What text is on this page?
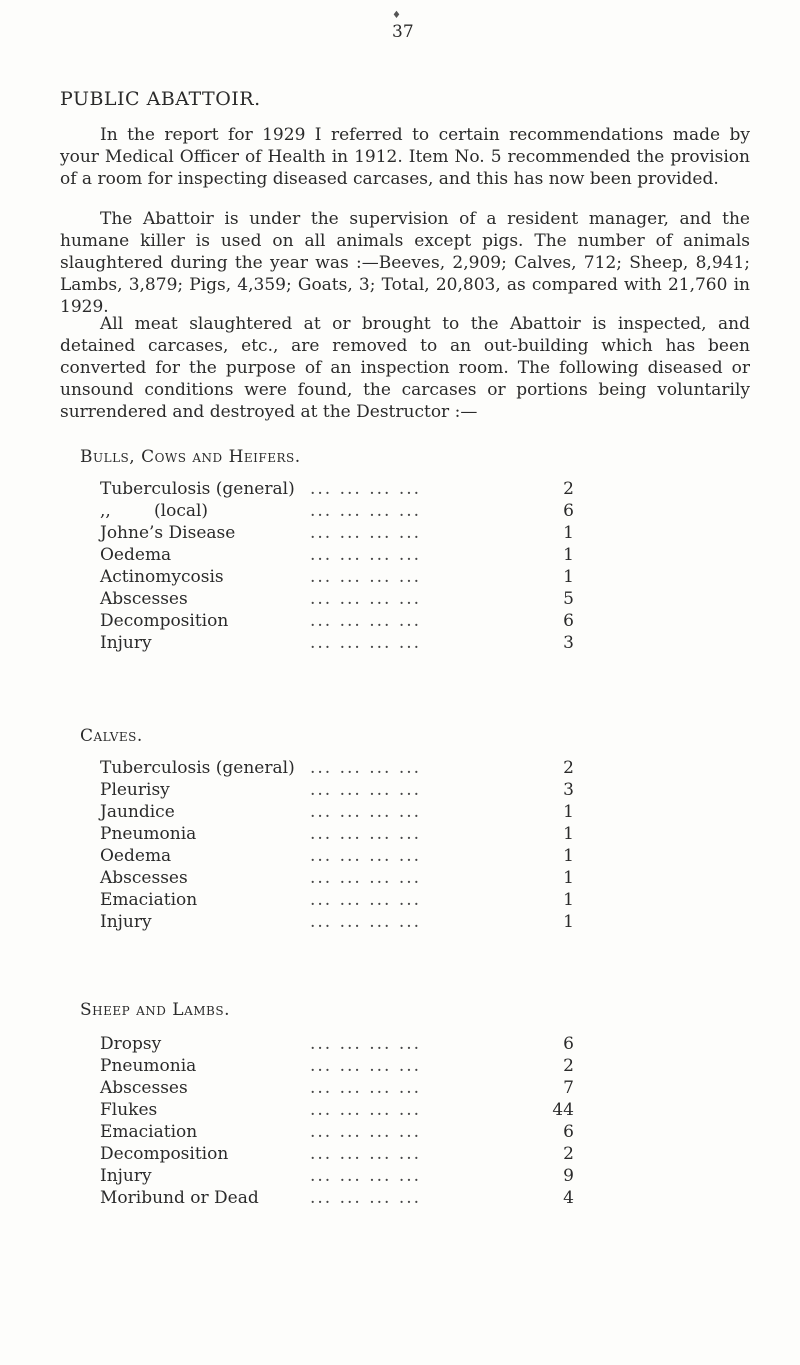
♦
37
PUBLIC ABATTOIR.

In the report for 1929 I referred to certain recommendations made by your Medical Officer of Health in 1912. Item No. 5 recommended the provision of a room for inspecting diseased carcases, and this has now been provided.

The Abattoir is under the supervision of a resident manager, and the humane killer is used on all animals except pigs. The number of animals slaughtered during the year was :—Beeves, 2,909; Calves, 712; Sheep, 8,941; Lambs, 3,879; Pigs, 4,359; Goats, 3; Total, 20,803, as compared with 21,760 in 1929.

All meat slaughtered at or brought to the Abattoir is inspected, and detained carcases, etc., are removed to an out-building which has been converted for the purpose of an inspection room. The following diseased or unsound conditions were found, the carcases or portions being voluntarily surrendered and destroyed at the Destructor :—

Bulls, Cows and Heifers.
Tuberculosis (general) ... ... ... ...	2
,,        (local)	... ... ... ...	6
Johne’s Disease	... ... ... ...	1
Oedema	... ... ... ...	1
Actinomycosis	... ... ... ...	1
Abscesses	... ... ... ...	5
Decomposition	... ... ... ...	6
Injury	... ... ... ...	3
Calves.
Tuberculosis (general) ... ... ... ...	2
Pleurisy	... ... ... ...	3
Jaundice	... ... ... ...	1
Pneumonia	... ... ... ...	1
Oedema	... ... ... ...	1
Abscesses	... ... ... ...	1
Emaciation	... ... ... ...	1
Injury	... ... ... ...	1
Sheep and Lambs.
Dropsy	... ... ... ...	6
Pneumonia	... ... ... ...	2
Abscesses	... ... ... ...	7
Flukes	... ... ... ...	44
Emaciation	... ... ... ...	6
Decomposition	... ... ... ...	2
Injury	... ... ... ...	9
Moribund or Dead	... ... ... ...	4
